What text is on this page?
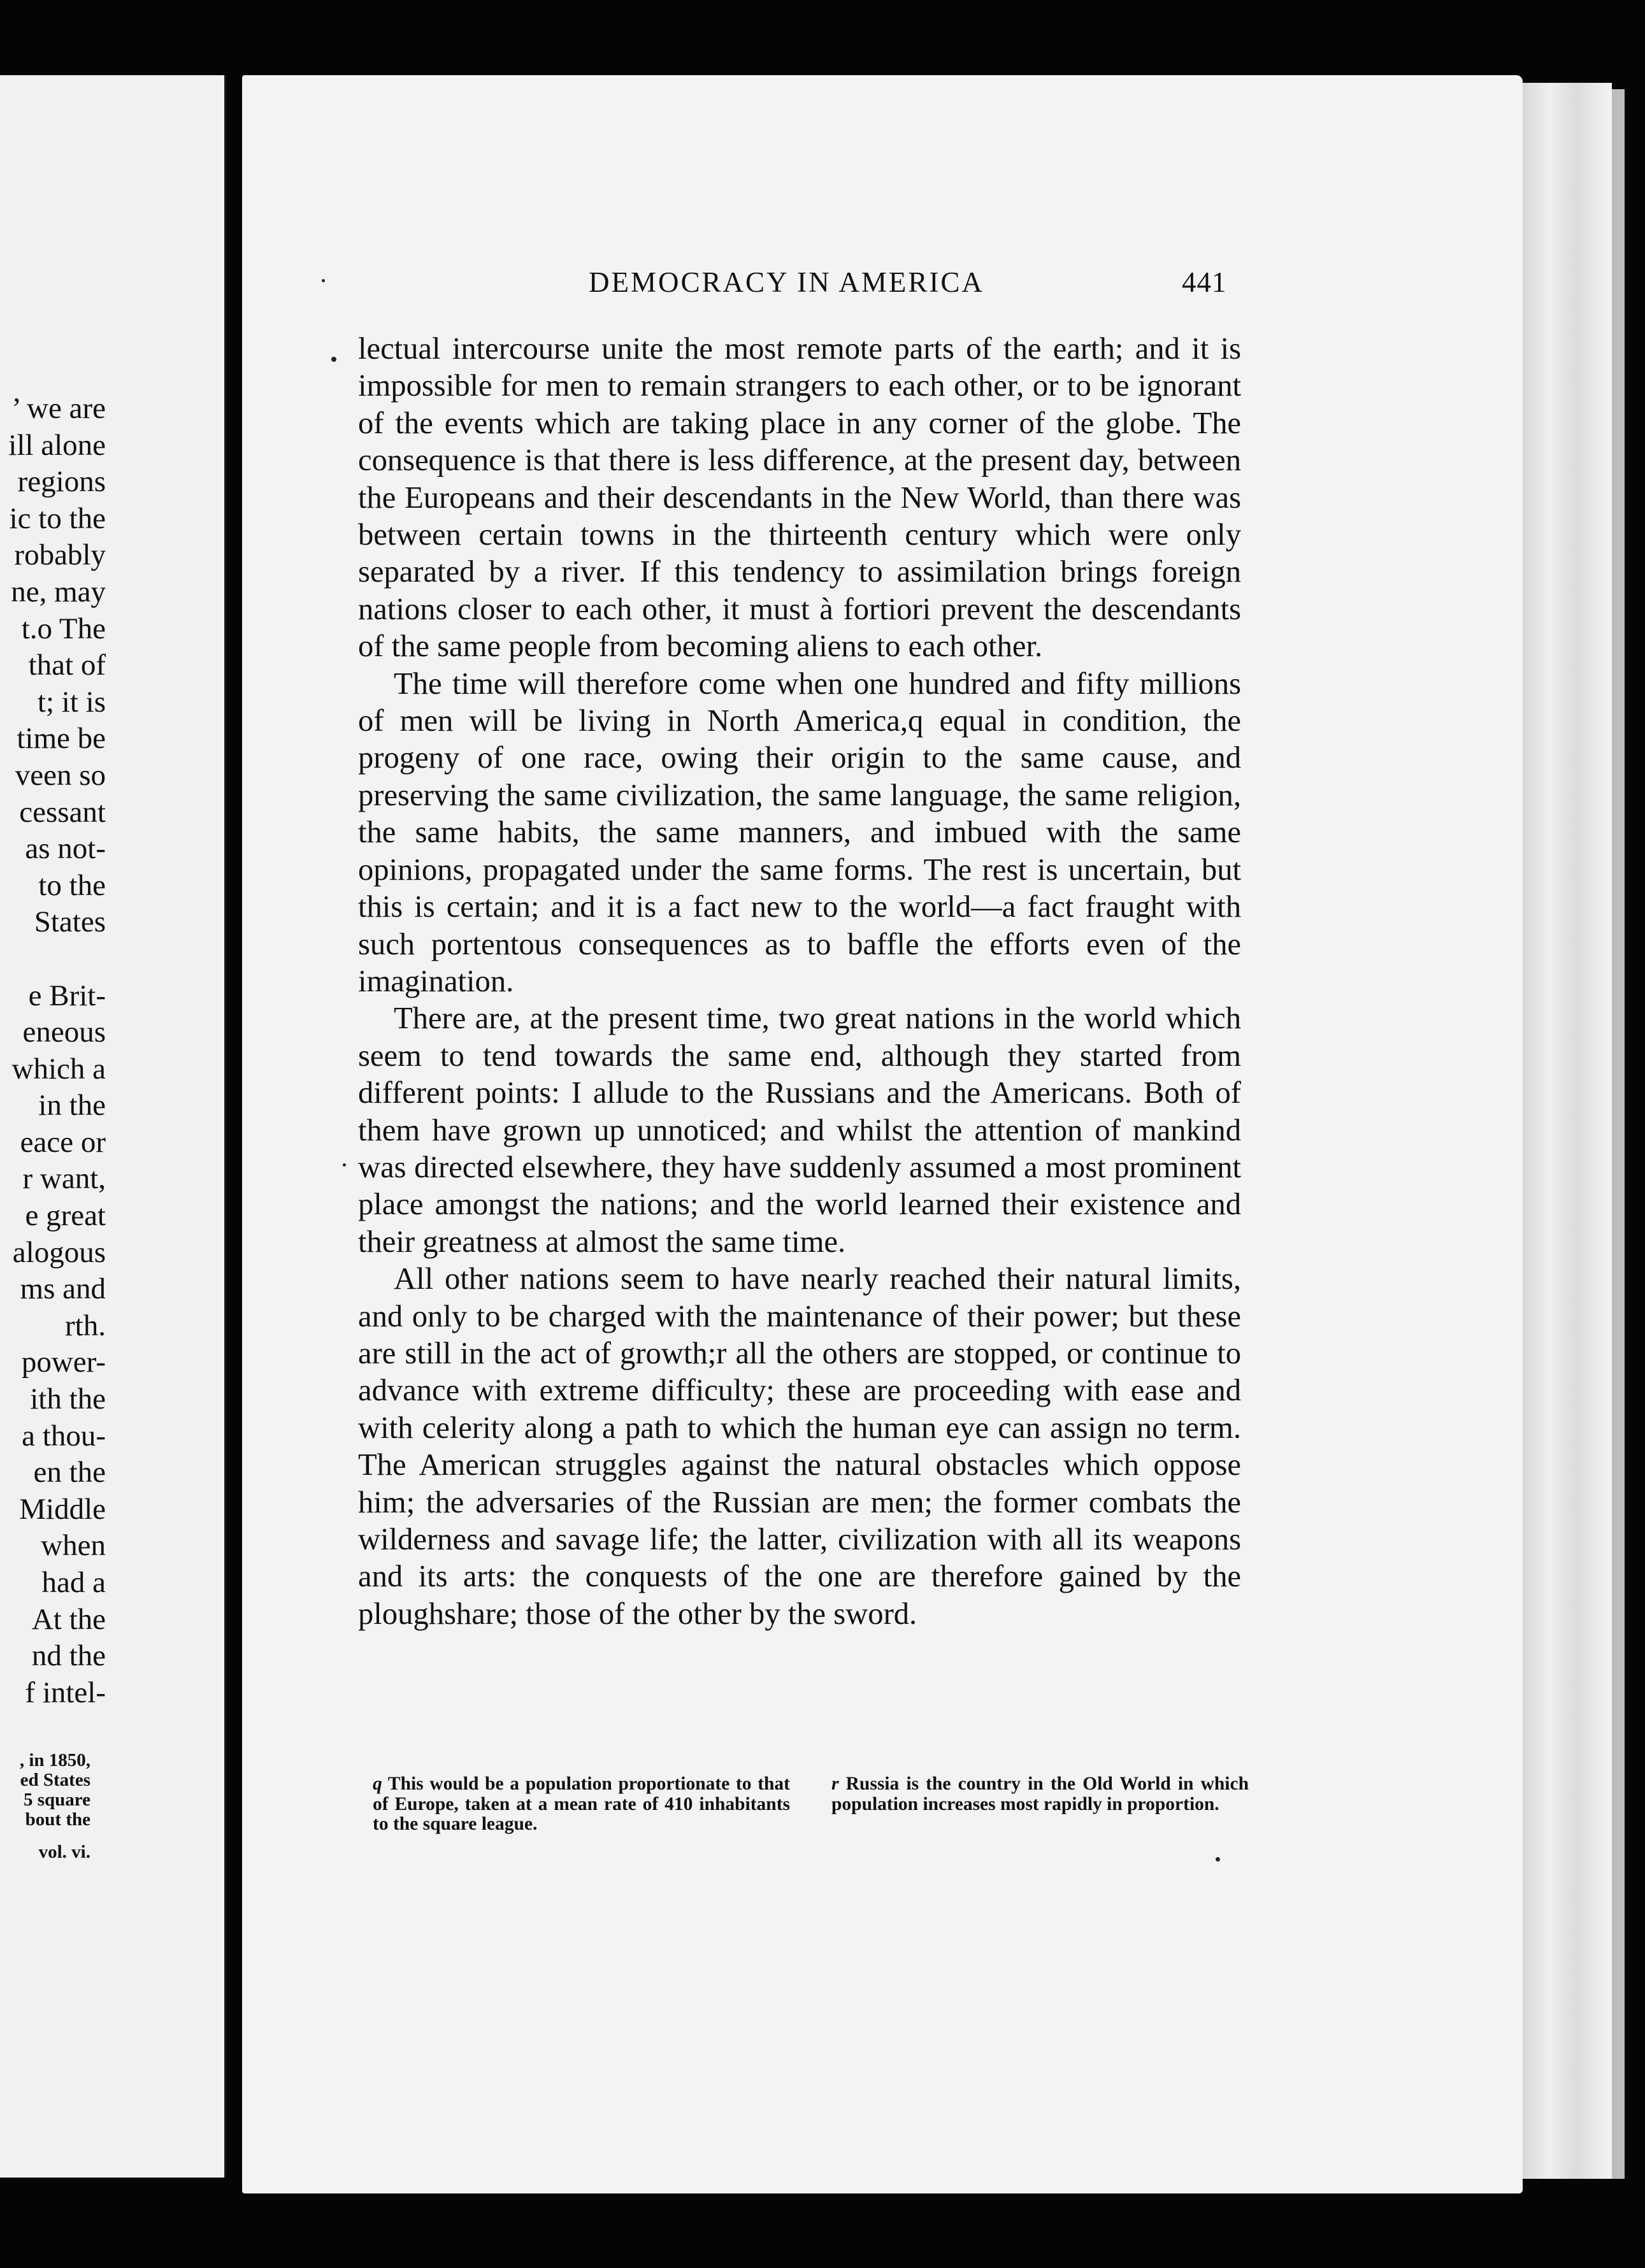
’ we are
ill alone
regions
ic to the
robably
ne, may
t.o The
that of
t; it is
time be
veen so
cessant
as not-
to the
States
e Brit-
eneous
which a
in the
eace or
r want,
e great
alogous
ms and
rth.
power-
ith the
a thou-
en the
Middle
when
had a
At the
nd the
f intel-
, in 1850,
ed States
5 square
bout the
vol. vi.
DEMOCRACY IN AMERICA	441

lectual intercourse unite the most remote parts of the earth; and it is impossible for men to remain strangers to each other, or to be ignorant of the events which are taking place in any corner of the globe. The consequence is that there is less difference, at the present day, between the Europeans and their descendants in the New World, than there was between certain towns in the thirteenth century which were only separated by a river. If this tendency to assimilation brings foreign nations closer to each other, it must à fortiori prevent the descendants of the same people from becoming aliens to each other.

The time will therefore come when one hundred and fifty millions of men will be living in North America,q equal in condition, the progeny of one race, owing their origin to the same cause, and preserving the same civilization, the same language, the same religion, the same habits, the same manners, and imbued with the same opinions, propagated under the same forms. The rest is uncertain, but this is certain; and it is a fact new to the world—a fact fraught with such portentous consequences as to baffle the efforts even of the imagination.

There are, at the present time, two great nations in the world which seem to tend towards the same end, although they started from different points: I allude to the Russians and the Americans. Both of them have grown up unnoticed; and whilst the attention of mankind was directed elsewhere, they have suddenly assumed a most prominent place amongst the nations; and the world learned their existence and their greatness at almost the same time.

All other nations seem to have nearly reached their natural limits, and only to be charged with the maintenance of their power; but these are still in the act of growth;r all the others are stopped, or continue to advance with extreme difficulty; these are proceeding with ease and with celerity along a path to which the human eye can assign no term. The American struggles against the natural obstacles which oppose him; the adversaries of the Russian are men; the former combats the wilderness and savage life; the latter, civilization with all its weapons and its arts: the conquests of the one are therefore gained by the ploughshare; those of the other by the sword.

q This would be a population proportionate to that of Europe, taken at a mean rate of 410 inhabitants to the square league.
r Russia is the country in the Old World in which population increases most rapidly in proportion.
